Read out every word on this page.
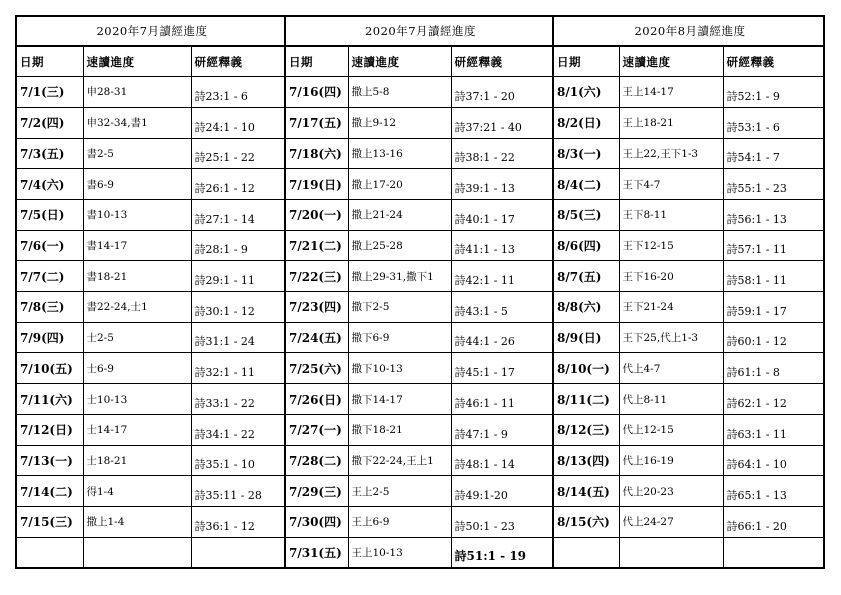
2020年7月讀經進度		
日期	速讀進度	研經釋義
7/1(三)	申28-31	詩23:1 - 6
7/2(四)	申32-34,書1	詩24:1 - 10
7/3(五)	書2-5	詩25:1 - 22
7/4(六)	書6-9	詩26:1 - 12
7/5(日)	書10-13	詩27:1 - 14
7/6(一)	書14-17	詩28:1 - 9
7/7(二)	書18-21	詩29:1 - 11
7/8(三)	書22-24,士1	詩30:1 - 12
7/9(四)	士2-5	詩31:1 - 24
7/10(五)	士6-9	詩32:1 - 11
7/11(六)	士10-13	詩33:1 - 22
7/12(日)	士14-17	詩34:1 - 22
7/13(一)	士18-21	詩35:1 - 10
7/14(二)	得1-4	詩35:11 - 28
7/15(三)	撒上1-4	詩36:1 - 12

2020年7月讀經進度		
日期	速讀進度	研經釋義
7/16(四)	撒上5-8	詩37:1 - 20
7/17(五)	撒上9-12	詩37:21 - 40
7/18(六)	撒上13-16	詩38:1 - 22
7/19(日)	撒上17-20	詩39:1 - 13
7/20(一)	撒上21-24	詩40:1 - 17
7/21(二)	撒上25-28	詩41:1 - 13
7/22(三)	撒上29-31,撒下1	詩42:1 - 11
7/23(四)	撒下2-5	詩43:1 - 5
7/24(五)	撒下6-9	詩44:1 - 26
7/25(六)	撒下10-13	詩45:1 - 17
7/26(日)	撒下14-17	詩46:1 - 11
7/27(一)	撒下18-21	詩47:1 - 9
7/28(二)	撒下22-24,王上1	詩48:1 - 14
7/29(三)	王上2-5	詩49:1-20
7/30(四)	王上6-9	詩50:1 - 23
7/31(五)	王上10-13	詩51:1 - 19
2020年8月讀經進度		
日期	速讀進度	研經釋義
8/1(六)	王上14-17	詩52:1 - 9
8/2(日)	王上18-21	詩53:1 - 6
8/3(一)	王上22,王下1-3	詩54:1 - 7
8/4(二)	王下4-7	詩55:1 - 23
8/5(三)	王下8-11	詩56:1 - 13
8/6(四)	王下12-15	詩57:1 - 11
8/7(五)	王下16-20	詩58:1 - 11
8/8(六)	王下21-24	詩59:1 - 17
8/9(日)	王下25,代上1-3	詩60:1 - 12
8/10(一)	代上4-7	詩61:1 - 8
8/11(二)	代上8-11	詩62:1 - 12
8/12(三)	代上12-15	詩63:1 - 11
8/13(四)	代上16-19	詩64:1 - 10
8/14(五)	代上20-23	詩65:1 - 13
8/15(六)	代上24-27	詩66:1 - 20
